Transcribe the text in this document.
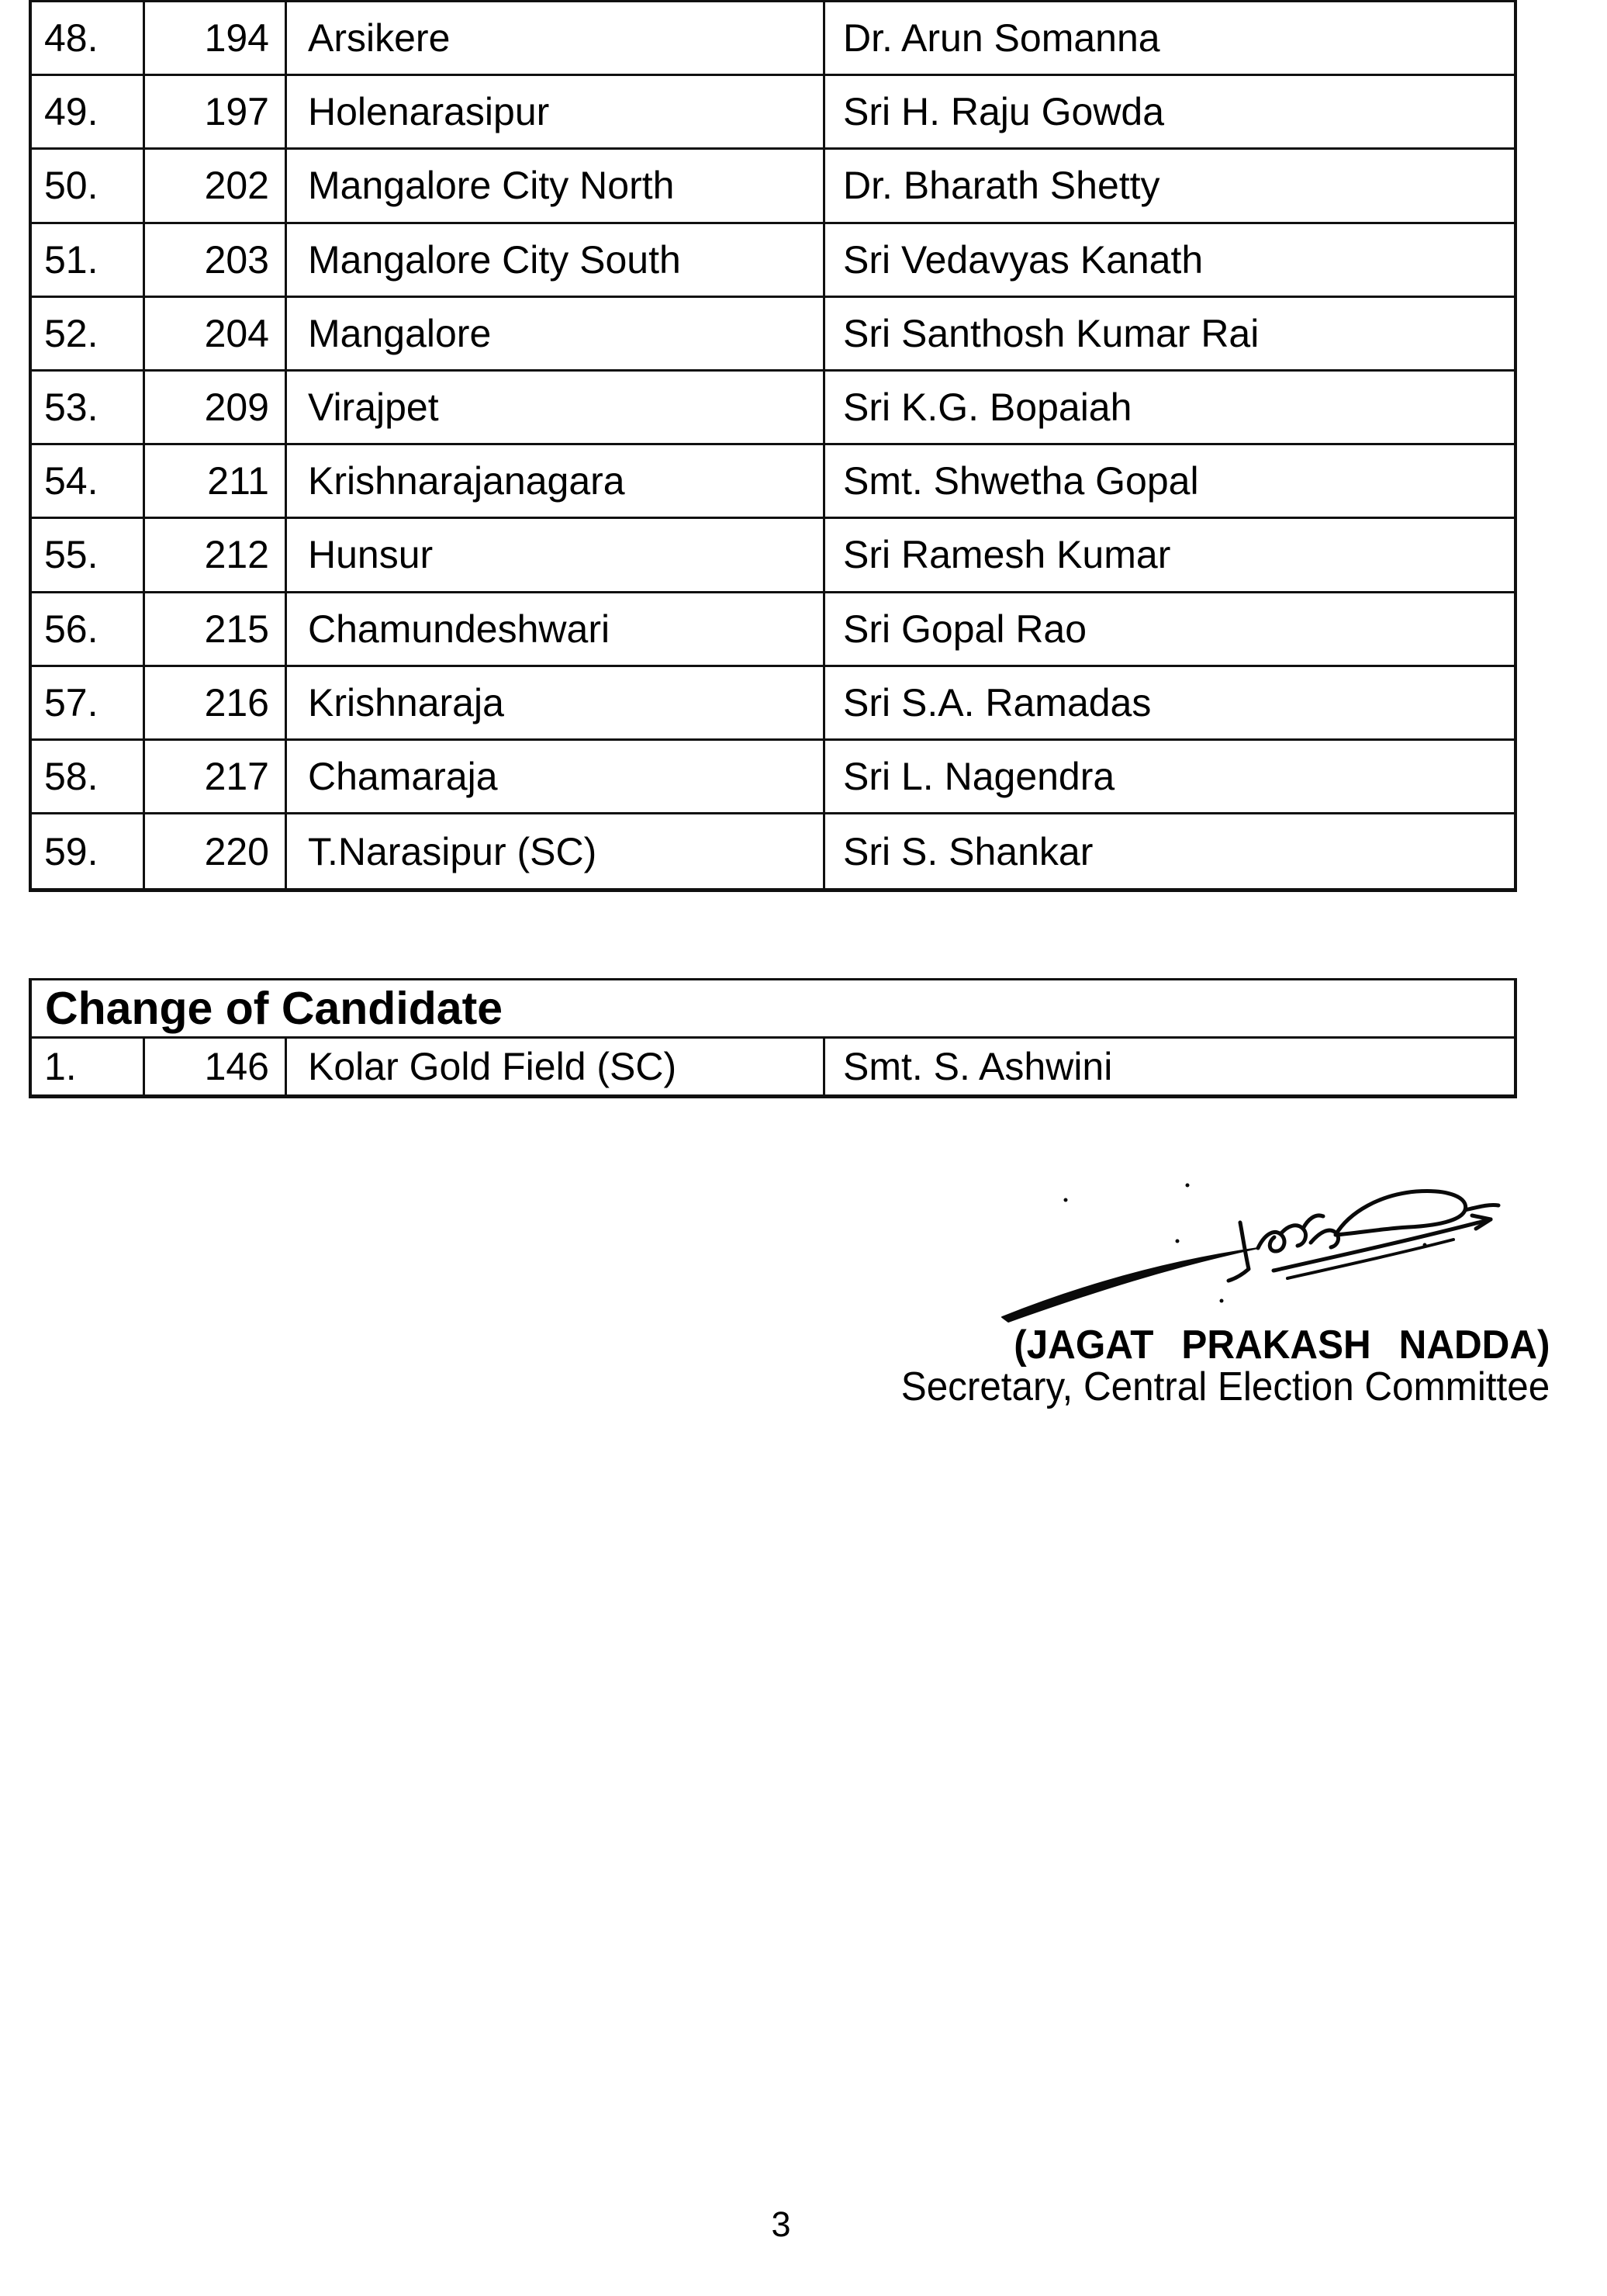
48.	194	Arsikere	Dr. Arun Somanna
49.	197	Holenarasipur	Sri H. Raju Gowda
50.	202	Mangalore City North	Dr. Bharath Shetty
51.	203	Mangalore City South	Sri Vedavyas Kanath
52.	204	Mangalore	Sri Santhosh Kumar Rai
53.	209	Virajpet	Sri K.G. Bopaiah
54.	211	Krishnarajanagara	Smt. Shwetha Gopal
55.	212	Hunsur	Sri Ramesh Kumar
56.	215	Chamundeshwari	Sri Gopal Rao
57.	216	Krishnaraja	Sri S.A. Ramadas
58.	217	Chamaraja	Sri L. Nagendra
59.	220	T.Narasipur (SC)	Sri S. Shankar
Change of Candidate
1.	146	Kolar Gold Field (SC)	Smt. S. Ashwini
(JAGAT PRAKASH NADDA)
Secretary, Central Election Committee
3
